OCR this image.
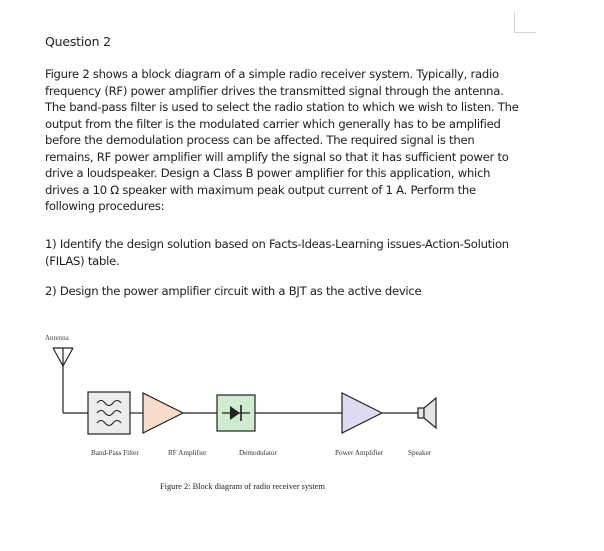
Question 2
Figure 2 shows a block diagram of a simple radio receiver system. Typically, radio
frequency (RF) power amplifier drives the transmitted signal through the antenna.
The band-pass filter is used to select the radio station to which we wish to listen. The
output from the filter is the modulated carrier which generally has to be amplified
before the demodulation process can be affected. The required signal is then
remains, RF power amplifier will amplify the signal so that it has sufficient power to
drive a loudspeaker. Design a Class B power amplifier for this application, which
drives a 10 Ω speaker with maximum peak output current of 1 A. Perform the
following procedures:
1) Identify the design solution based on Facts-Ideas-Learning issues-Action-Solution
(FILAS) table.
2) Design the power amplifier circuit with a BJT as the active device
Antenna
Band-Pass Filter	RF Amplifier	Demodulator	Power Amplifier	Speaker
Figure 2: Block diagram of radio receiver system
